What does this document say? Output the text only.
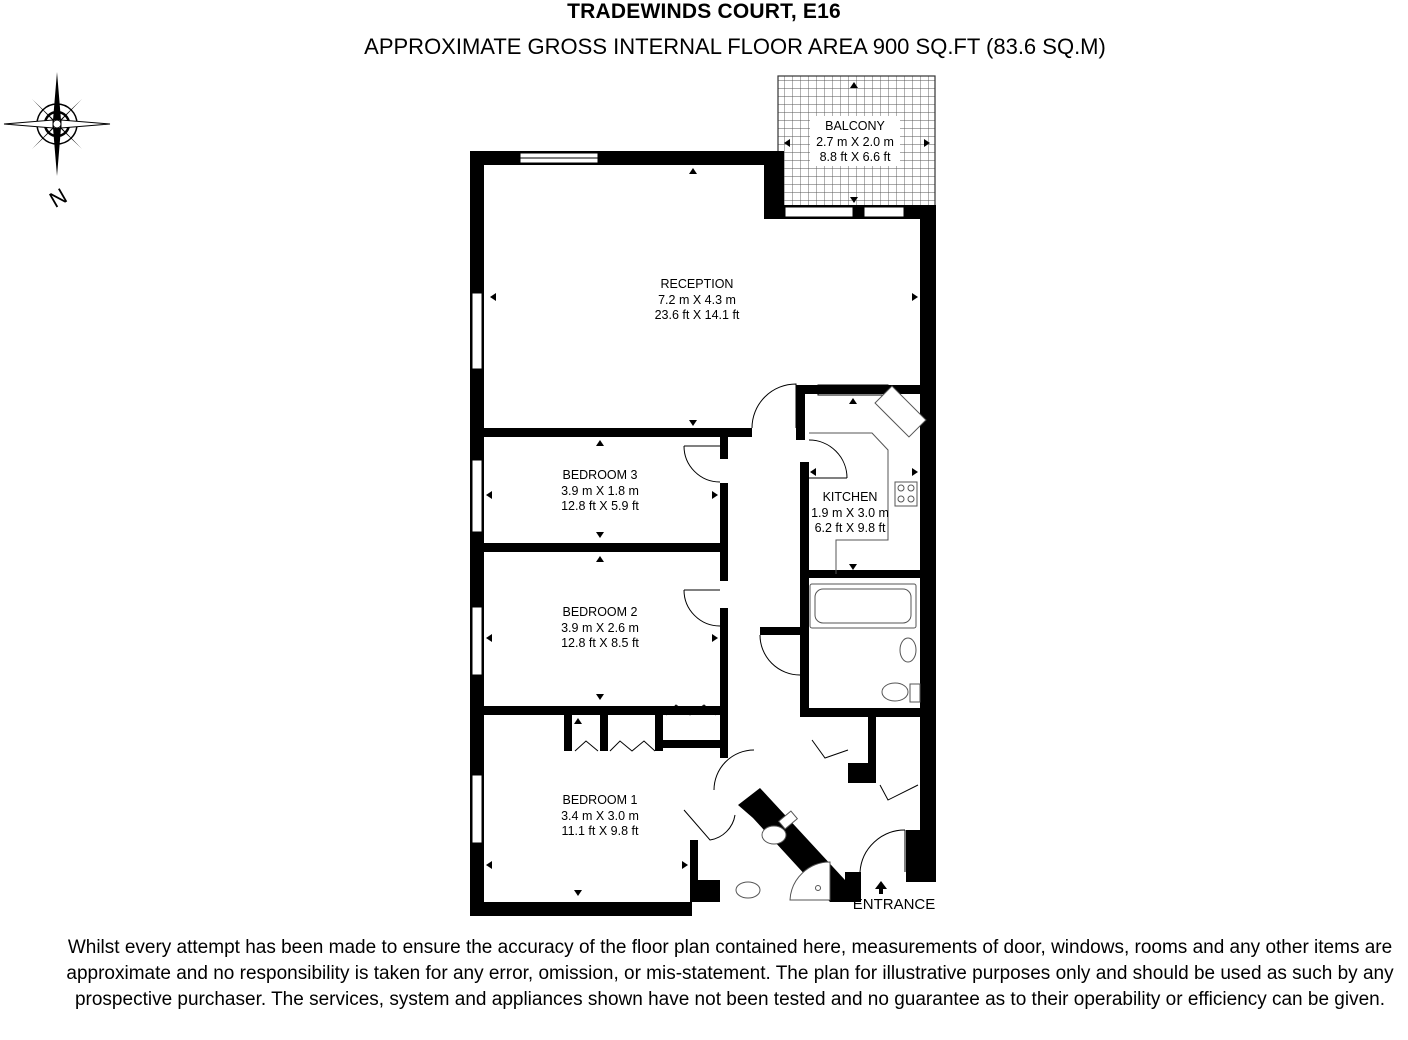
TRADEWINDS COURT, E16
APPROXIMATE GROSS INTERNAL FLOOR AREA 900 SQ.FT (83.6 SQ.M)
N
BALCONY
2.7 m X 2.0 m
8.8 ft X 6.6 ft
RECEPTION
7.2 m X 4.3 m
23.6 ft X 14.1 ft
KITCHEN
1.9 m X 3.0 m
6.2 ft X 9.8 ft
BEDROOM 3
3.9 m X 1.8 m
12.8 ft X 5.9 ft
BEDROOM 2
3.9 m X 2.6 m
12.8 ft X 8.5 ft
BEDROOM 1
3.4 m X 3.0 m
11.1 ft X 9.8 ft
ENTRANCE
Whilst every attempt has been made to ensure the accuracy of the floor plan contained here, measurements of door, windows, rooms and any other items are approximate and no responsibility is taken for any error, omission, or mis-statement. The plan for illustrative purposes only and should be used as such by any prospective purchaser. The services, system and appliances shown have not been tested and no guarantee as to their operability or efficiency can be given.
